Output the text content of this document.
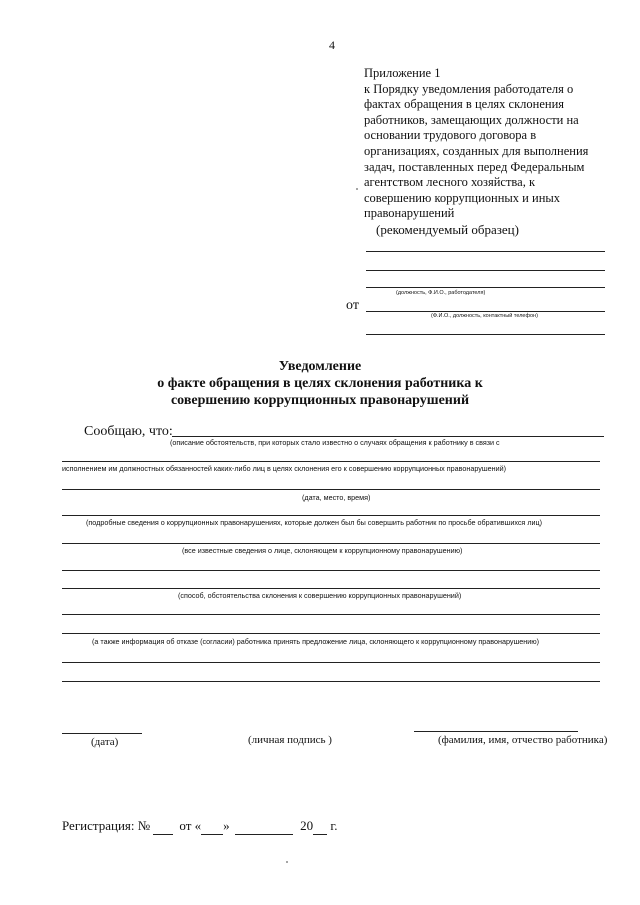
4
Приложение 1
к Порядку уведомления работодателя о
фактах обращения в целях склонения
работников, замещающих должности на
основании трудового договора в
организациях, созданных для выполнения
задач, поставленных перед Федеральным
агентством лесного хозяйства, к
совершению коррупционных и иных
правонарушений
(рекомендуемый образец)
(должность, Ф.И.О., работодателя)
от
(Ф.И.О., должность, контактный телефон)
Уведомление
о факте обращения в целях склонения работника к
совершению коррупционных правонарушений
Сообщаю, что:
(описание обстоятельств, при которых стало известно о случаях обращения к работнику в связи с
исполнением им должностных обязанностей каких-либо лиц в целях склонения его к совершению коррупционных правонарушений)
(дата, место, время)
(подробные сведения о коррупционных правонарушениях, которые должен был бы совершить работник по просьбе обратившихся лиц)
(все известные сведения о лице, склоняющем к коррупционному правонарушению)
(способ, обстоятельства склонения к совершению коррупционных правонарушений)
(а также информация об отказе (согласии) работника принять предложение лица, склоняющего к коррупционному правонарушению)
(дата)	(личная подпись )	(фамилия, имя, отчество работника)
Регистрация: № от « »	20 г.
